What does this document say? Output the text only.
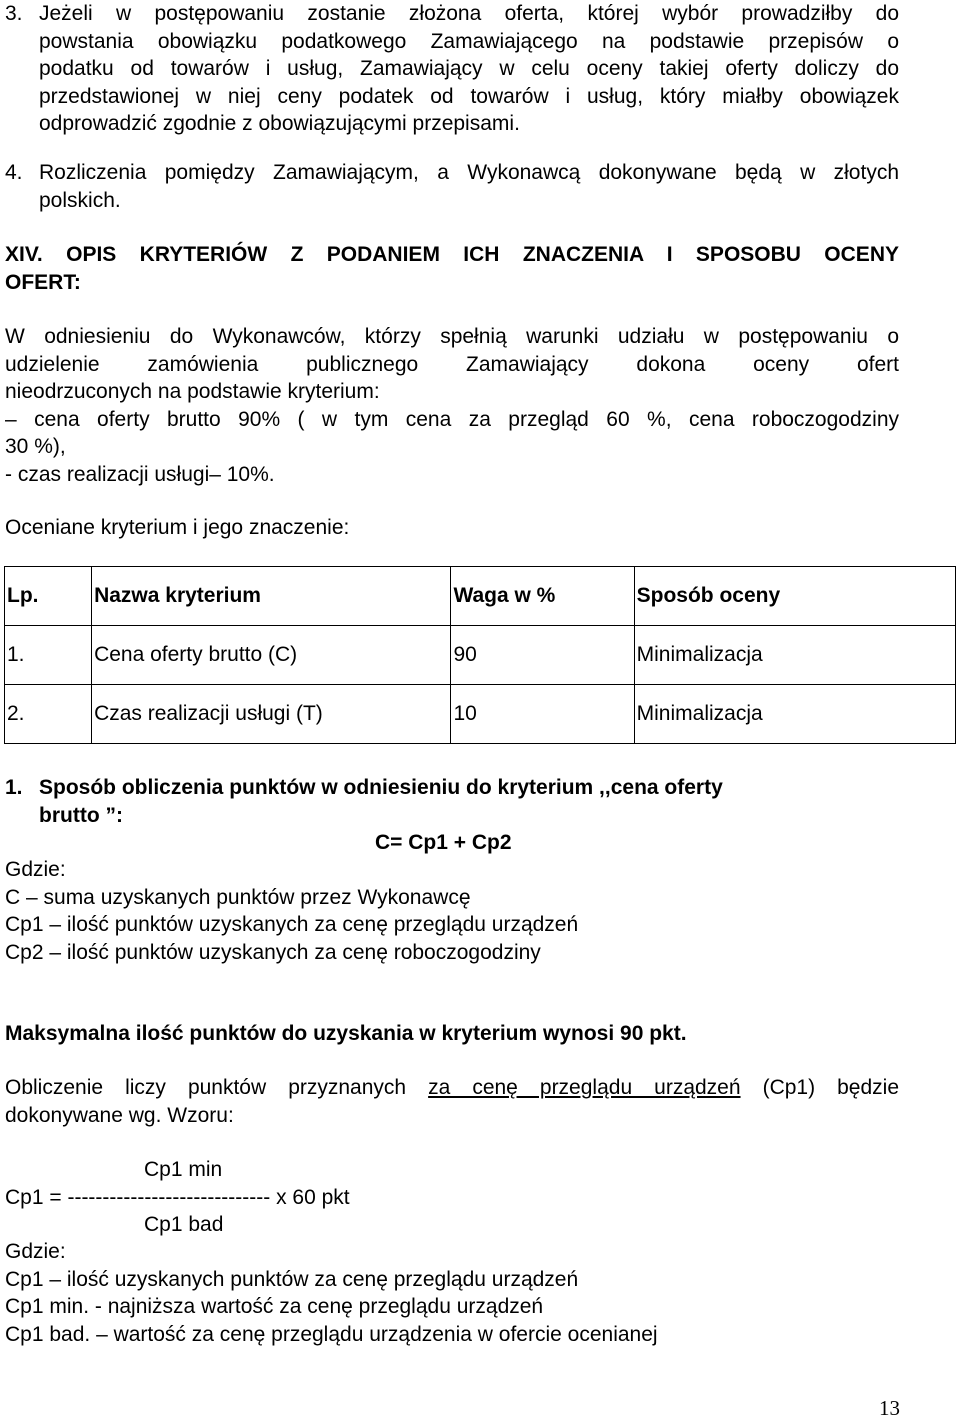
3. Jeżeli w postępowaniu zostanie złożona oferta, której wybór prowadziłby do
powstania obowiązku podatkowego Zamawiającego na podstawie przepisów o
podatku od towarów i usług, Zamawiający w celu oceny takiej oferty doliczy do
przedstawionej w niej ceny podatek od towarów i usług, który miałby obowiązek
odprowadzić zgodnie z obowiązującymi przepisami.
4. Rozliczenia pomiędzy Zamawiającym, a Wykonawcą dokonywane będą w złotych
polskich.
XIV. OPIS KRYTERIÓW Z PODANIEM ICH ZNACZENIA I SPOSOBU OCENY
OFERT:
W odniesieniu do Wykonawców, którzy spełnią warunki udziału w postępowaniu o
udzielenie zamówienia publicznego Zamawiający dokona oceny ofert
nieodrzuconych na podstawie kryterium:
– cena oferty brutto 90% ( w tym cena za przegląd 60 %, cena roboczogodziny
30 %),
- czas realizacji usługi– 10%.
Oceniane kryterium i jego znaczenie:
Lp.	Nazwa kryterium	Waga w %	Sposób oceny
1.	Cena oferty brutto (C)	90	Minimalizacja
2.	Czas realizacji usługi (T)	10	Minimalizacja
1. Sposób obliczenia punktów w odniesieniu do kryterium ,,cena oferty
brutto ”:
C= Cp1 + Cp2
Gdzie:
C – suma uzyskanych punktów przez Wykonawcę
Cp1 – ilość punktów uzyskanych za cenę przeglądu urządzeń
Cp2 – ilość punktów uzyskanych za cenę roboczogodziny
Maksymalna ilość punktów do uzyskania w kryterium wynosi 90 pkt.
Obliczenie liczy punktów przyznanych za cenę przeglądu urządzeń (Cp1) będzie
dokonywane wg. Wzoru:
Cp1 min
Cp1 = ----------------------------- x 60 pkt
Cp1 bad
Gdzie:
Cp1 – ilość uzyskanych punktów za cenę przeglądu urządzeń
Cp1 min. - najniższa wartość za cenę przeglądu urządzeń
Cp1 bad. – wartość za cenę przeglądu urządzenia w ofercie ocenianej
13
